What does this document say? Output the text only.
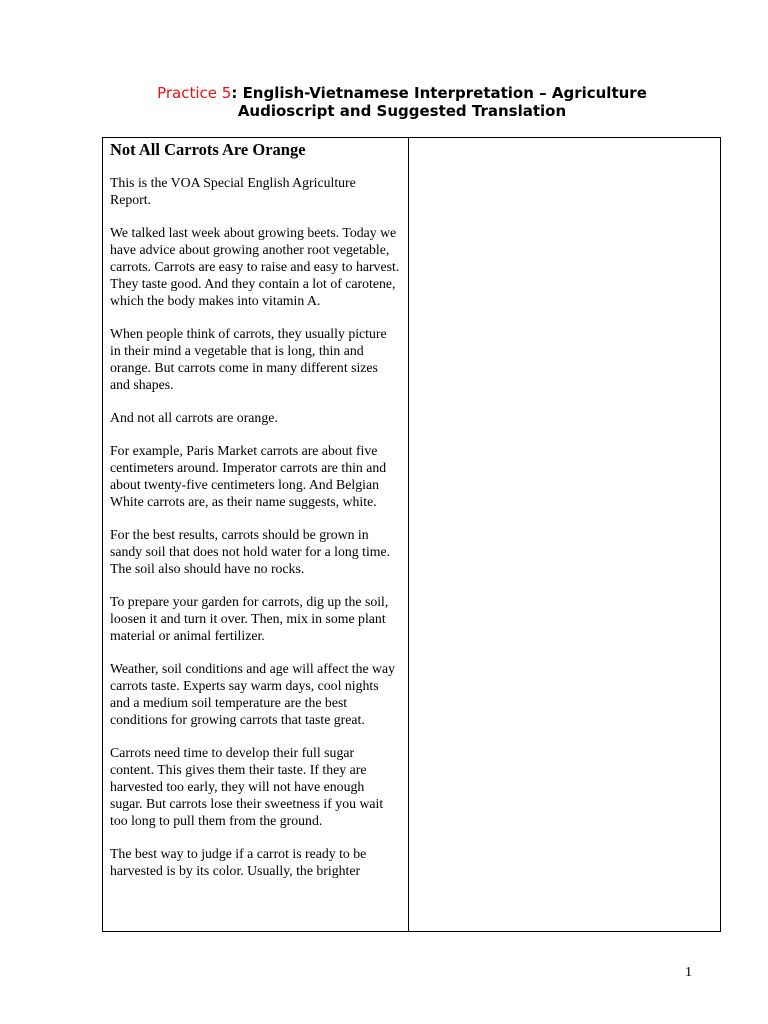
Practice 5: English-Vietnamese Interpretation – Agriculture
Audioscript and Suggested Translation
Not All Carrots Are Orange

This is the VOA Special English Agriculture Report.

We talked last week about growing beets. Today we have advice about growing another root vegetable, carrots. Carrots are easy to raise and easy to harvest. They taste good. And they contain a lot of carotene, which the body makes into vitamin A.

When people think of carrots, they usually picture in their mind a vegetable that is long, thin and orange. But carrots come in many different sizes and shapes.

And not all carrots are orange.

For example, Paris Market carrots are about five centimeters around. Imperator carrots are thin and about twenty-five centimeters long. And Belgian White carrots are, as their name suggests, white.

For the best results, carrots should be grown in sandy soil that does not hold water for a long time. The soil also should have no rocks.

To prepare your garden for carrots, dig up the soil, loosen it and turn it over. Then, mix in some plant material or animal fertilizer.

Weather, soil conditions and age will affect the way carrots taste. Experts say warm days, cool nights and a medium soil temperature are the best conditions for growing carrots that taste great.

Carrots need time to develop their full sugar content. This gives them their taste. If they are harvested too early, they will not have enough sugar. But carrots lose their sweetness if you wait too long to pull them from the ground.

The best way to judge if a carrot is ready to be harvested is by its color. Usually, the brighter

1
